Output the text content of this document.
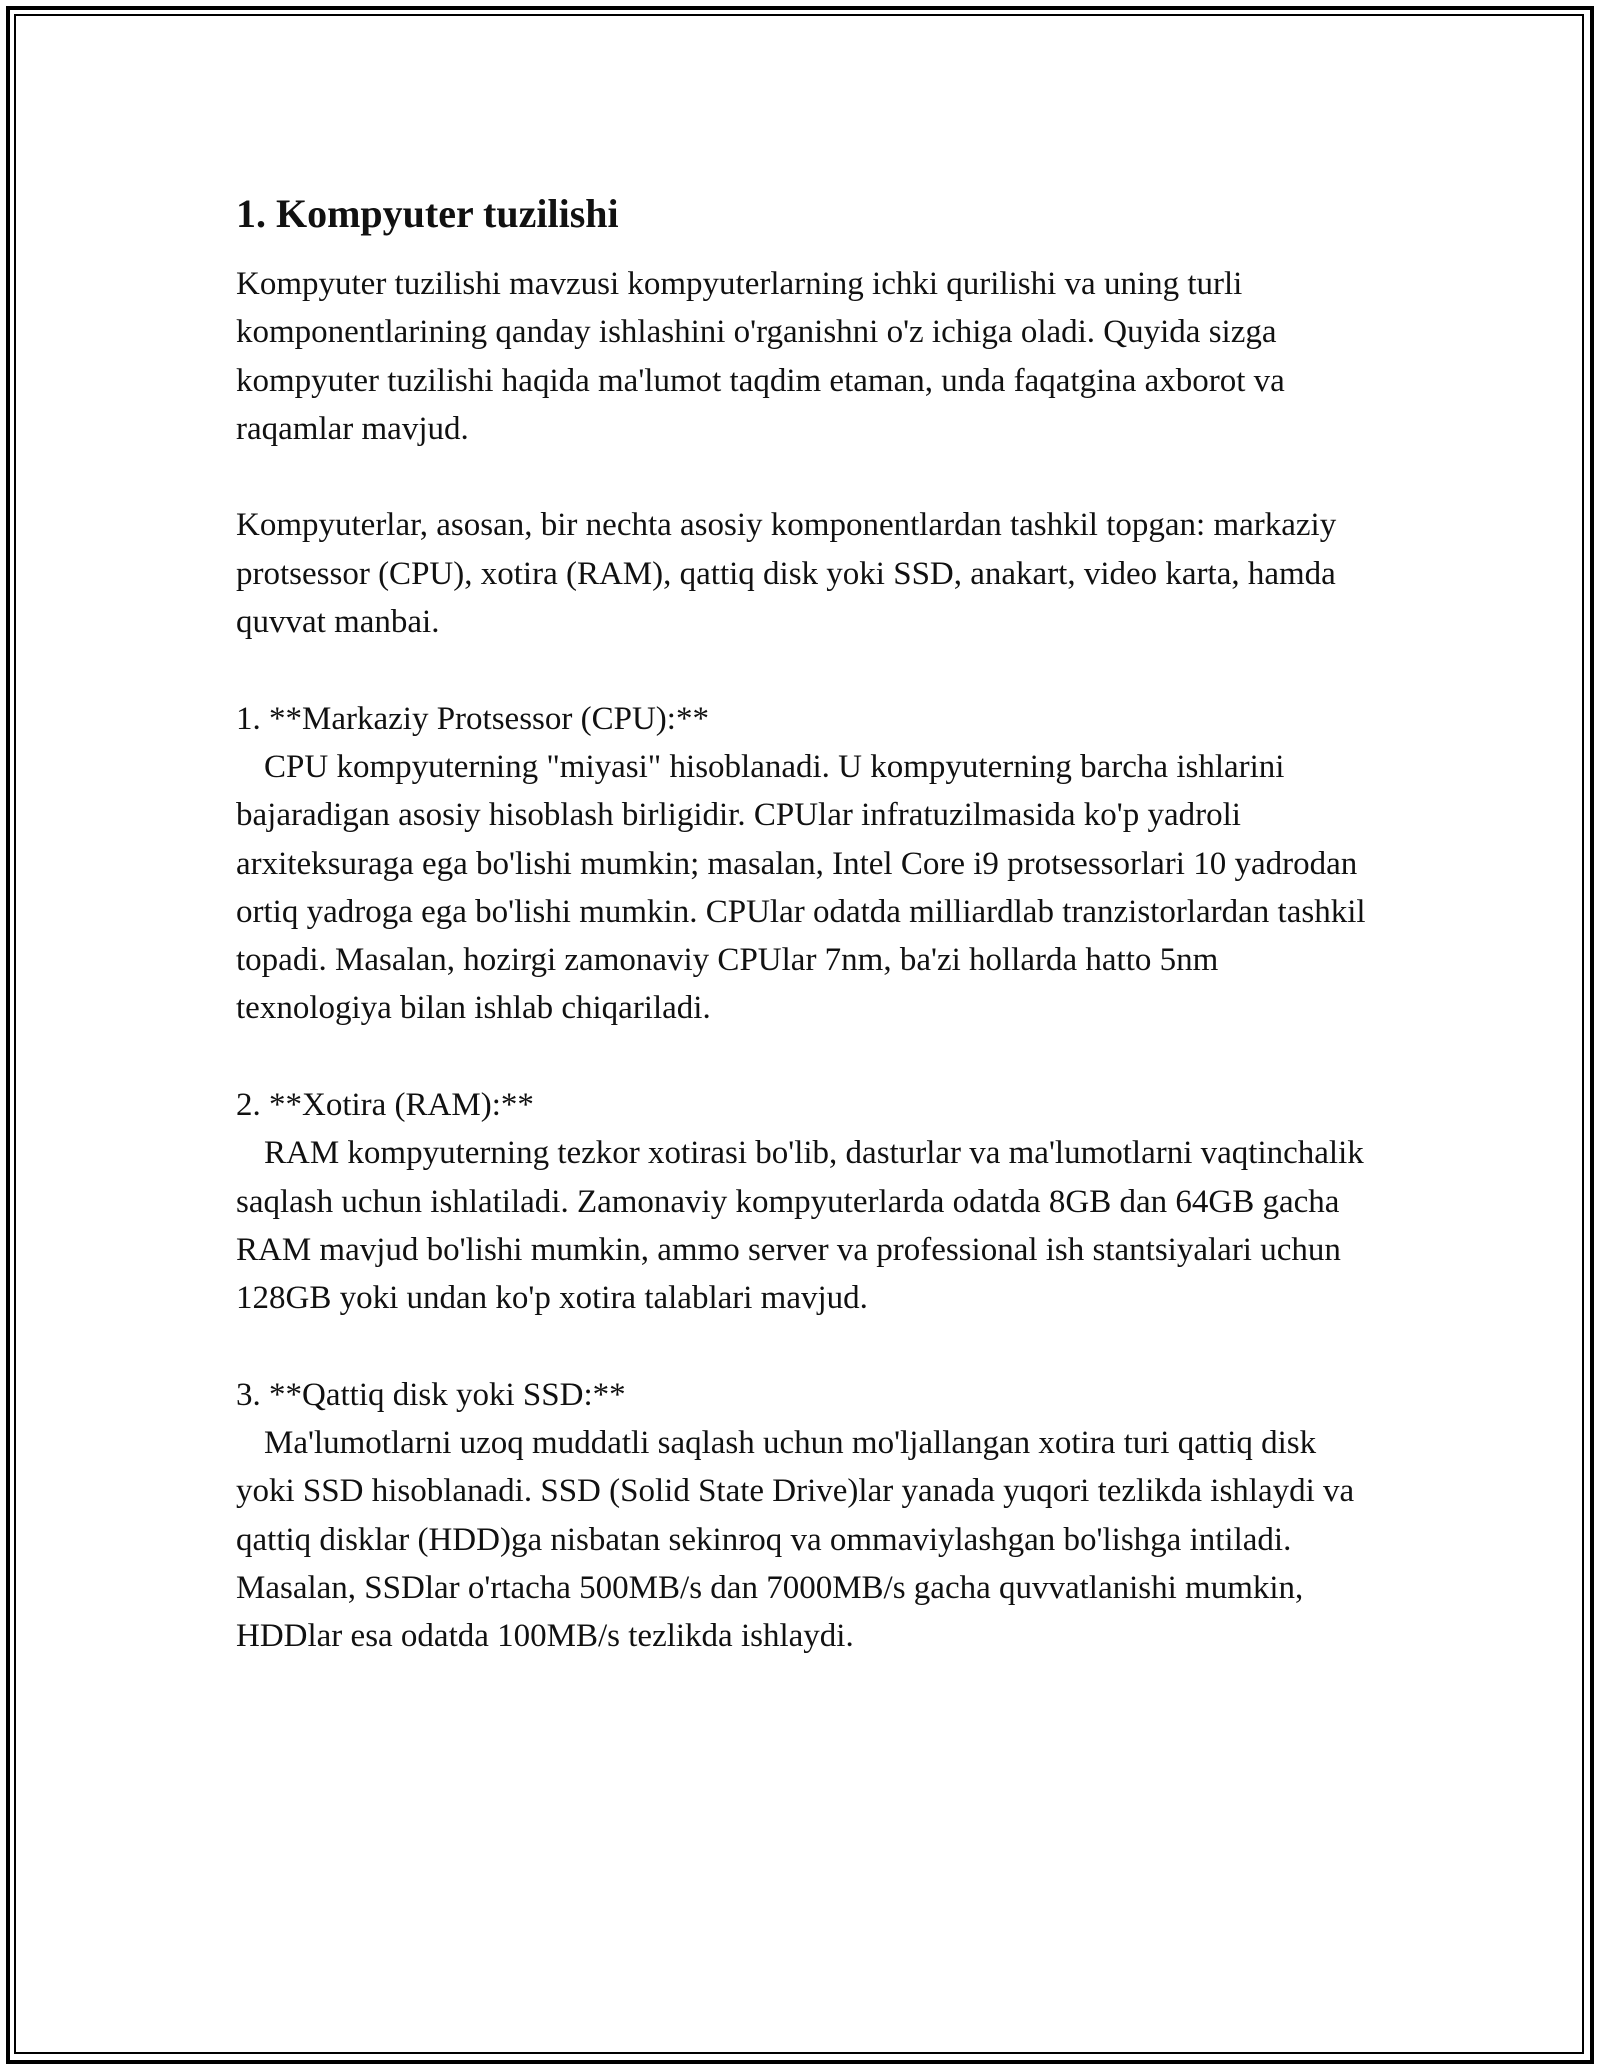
1. Kompyuter tuzilishi

Kompyuter tuzilishi mavzusi kompyuterlarning ichki qurilishi va uning turli komponentlarining qanday ishlashini o'rganishni o'z ichiga oladi. Quyida sizga kompyuter tuzilishi haqida ma'lumot taqdim etaman, unda faqatgina axborot va raqamlar mavjud.

Kompyuterlar, asosan, bir nechta asosiy komponentlardan tashkil topgan: markaziy protsessor (CPU), xotira (RAM), qattiq disk yoki SSD, anakart, video karta, hamda quvvat manbai.

1. **Markaziy Protsessor (CPU):**

CPU kompyuterning "miyasi" hisoblanadi. U kompyuterning barcha ishlarini bajaradigan asosiy hisoblash birligidir. CPUlar infratuzilmasida ko'p yadroli arxiteksuraga ega bo'lishi mumkin; masalan, Intel Core i9 protsessorlari 10 yadrodan ortiq yadroga ega bo'lishi mumkin. CPUlar odatda milliardlab tranzistorlardan tashkil topadi. Masalan, hozirgi zamonaviy CPUlar 7nm, ba'zi hollarda hatto 5nm texnologiya bilan ishlab chiqariladi.

2. **Xotira (RAM):**

RAM kompyuterning tezkor xotirasi bo'lib, dasturlar va ma'lumotlarni vaqtinchalik saqlash uchun ishlatiladi. Zamonaviy kompyuterlarda odatda 8GB dan 64GB gacha RAM mavjud bo'lishi mumkin, ammo server va professional ish stantsiyalari uchun 128GB yoki undan ko'p xotira talablari mavjud.

3. **Qattiq disk yoki SSD:**

Ma'lumotlarni uzoq muddatli saqlash uchun mo'ljallangan xotira turi qattiq disk yoki SSD hisoblanadi. SSD (Solid State Drive)lar yanada yuqori tezlikda ishlaydi va qattiq disklar (HDD)ga nisbatan sekinroq va ommaviylashgan bo'lishga intiladi. Masalan, SSDlar o'rtacha 500MB/s dan 7000MB/s gacha quvvatlanishi mumkin, HDDlar esa odatda 100MB/s tezlikda ishlaydi.
